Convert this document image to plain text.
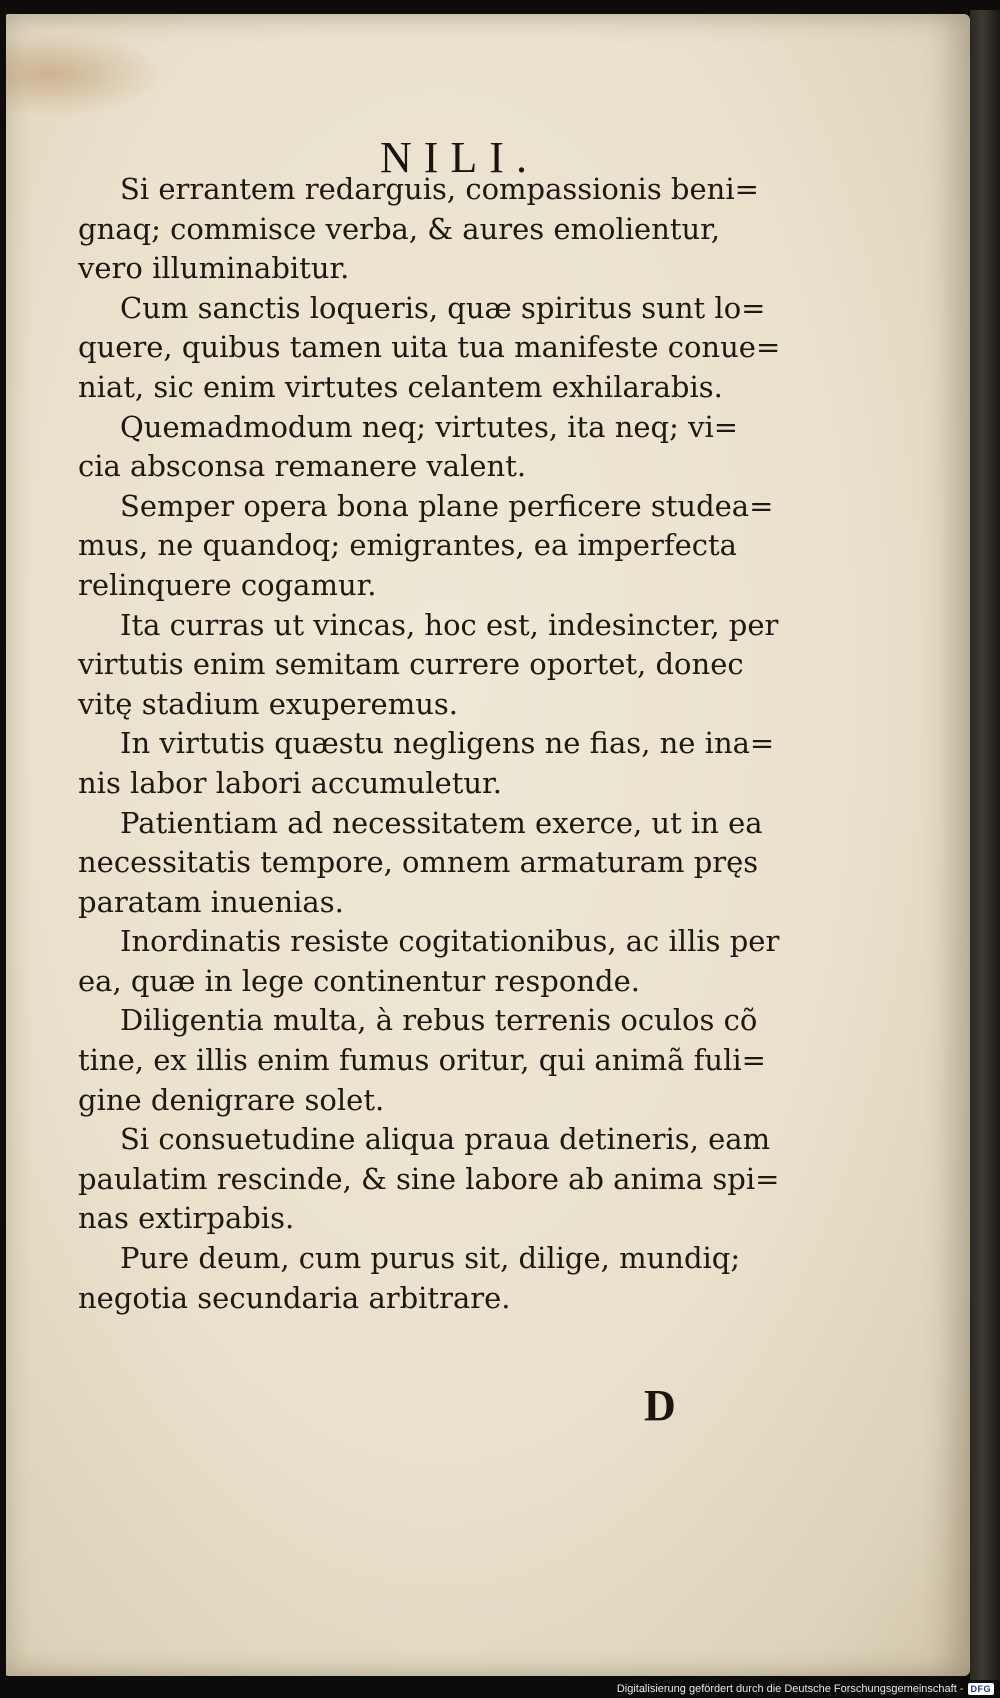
NILI.

Si errantem redarguis, compassionis beni=
gnaq; commisce verba, & aures emolientur,
vero illuminabitur.

Cum sanctis loqueris, quæ spiritus sunt lo=
quere, quibus tamen uita tua manifeste conue=
niat, sic enim virtutes celantem exhilarabis.

Quemadmodum neq; virtutes, ita neq; vi=
cia absconsa remanere valent.

Semper opera bona plane perficere studea=
mus, ne quandoq; emigrantes, ea imperfecta
relinquere cogamur.

Ita curras ut vincas, hoc est, indesincter, per
virtutis enim semitam currere oportet, donec
vitę stadium exuperemus.

In virtutis quæstu negligens ne fias, ne ina=
nis labor labori accumuletur.

Patientiam ad necessitatem exerce, ut in ea
necessitatis tempore, omnem armaturam pręs
paratam inuenias.

Inordinatis resiste cogitationibus, ac illis per
ea, quæ in lege continentur responde.

Diligentia multa, à rebus terrenis oculos cõ
tine, ex illis enim fumus oritur, qui animã fuli=
gine denigrare solet.

Si consuetudine aliqua praua detineris, eam
paulatim rescinde, & sine labore ab anima spi=
nas extirpabis.

Pure deum, cum purus sit, dilige, mundiq;
negotia secundaria arbitrare.

D
Digitalisierung gefördert durch die Deutsche Forschungsgemeinschaft - DFG
